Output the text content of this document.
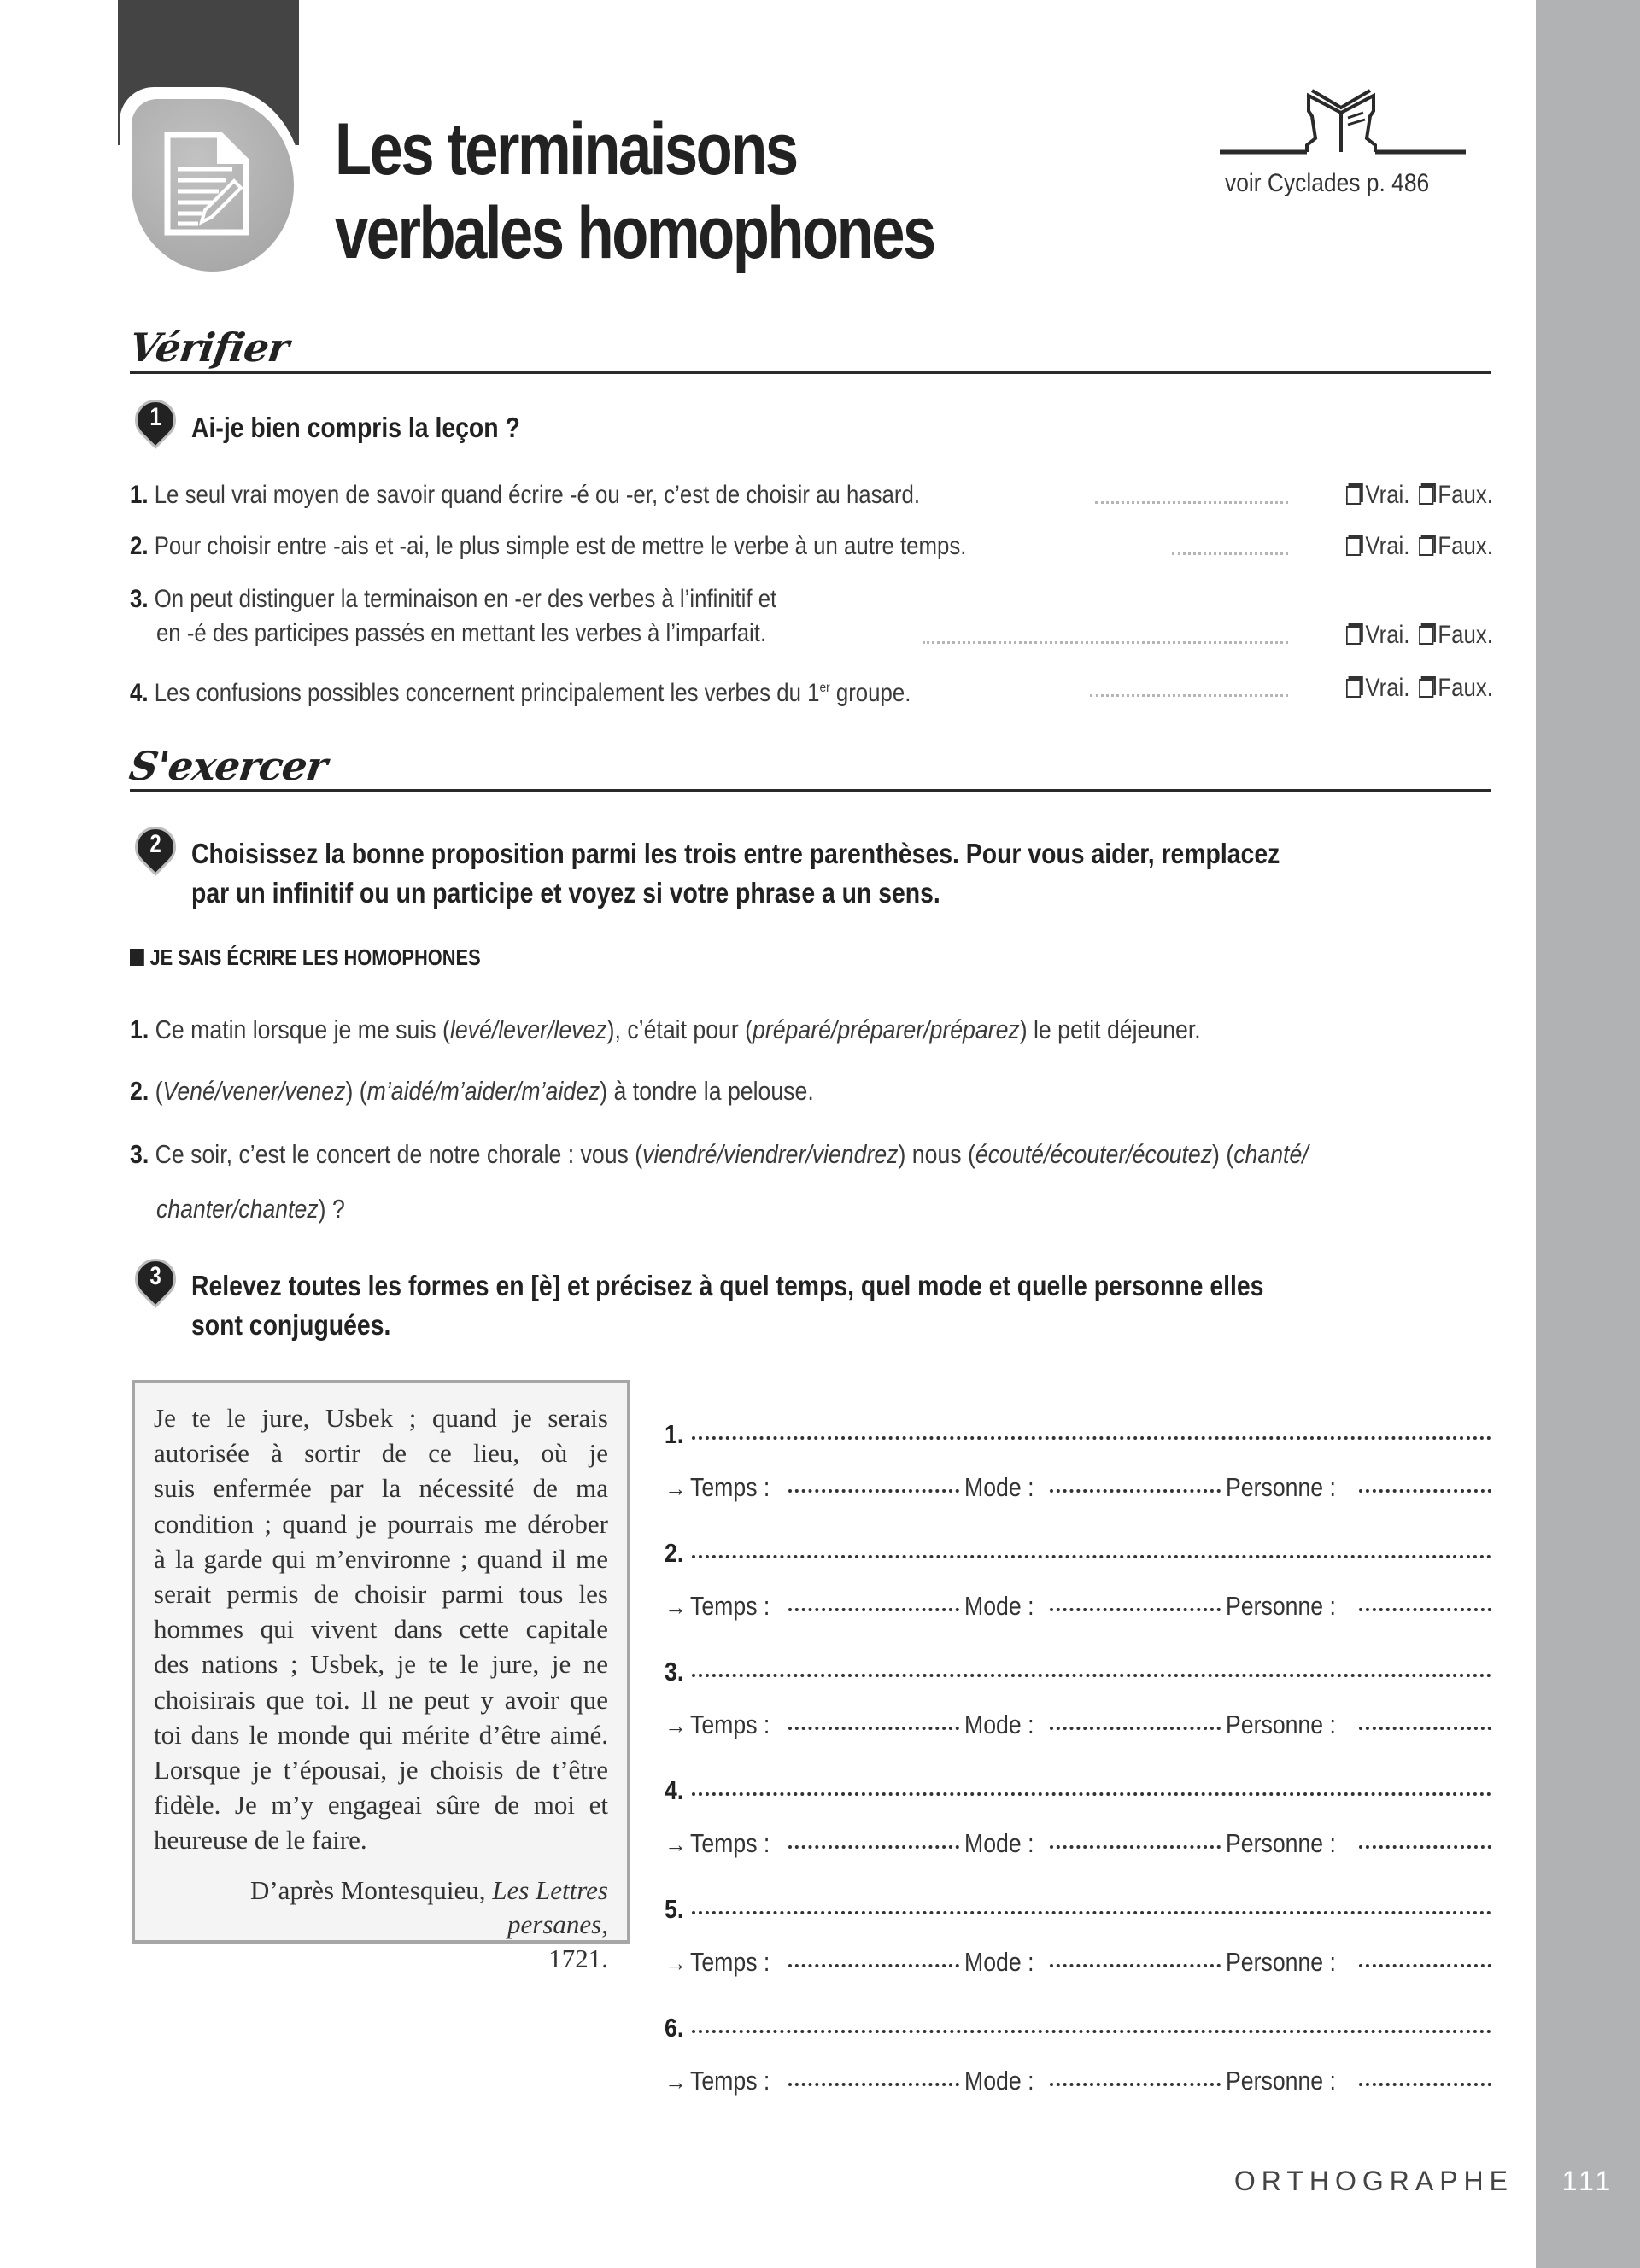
Les terminaisons
verbales homophones
voir Cyclades p. 486
Vérifier
1	Ai-je bien compris la leçon ?
1. Le seul vrai moyen de savoir quand écrire -é ou -er, c’est de choisir au hasard.	Vrai. Faux.
2. Pour choisir entre -ais et -ai, le plus simple est de mettre le verbe à un autre temps.	Vrai. Faux.
3. On peut distinguer la terminaison en -er des verbes à l’infinitif et
en -é des participes passés en mettant les verbes à l’imparfait.	Vrai. Faux.
4. Les confusions possibles concernent principalement les verbes du 1er groupe.	Vrai. Faux.
S'exercer
2	Choisissez la bonne proposition parmi les trois entre parenthèses. Pour vous aider, remplacez
par un infinitif ou un participe et voyez si votre phrase a un sens.
JE SAIS ÉCRIRE LES HOMOPHONES
1. Ce matin lorsque je me suis (levé/lever/levez), c’était pour (préparé/préparer/préparez) le petit déjeuner.
2. (Vené/vener/venez) (m’aidé/m’aider/m’aidez) à tondre la pelouse.
3. Ce soir, c’est le concert de notre chorale : vous (viendré/viendrer/viendrez) nous (écouté/écouter/écoutez) (chanté/
chanter/chantez) ?
3	Relevez toutes les formes en [è] et précisez à quel temps, quel mode et quelle personne elles
sont conjuguées.

Je te le jure, Usbek ; quand je serais

autorisée à sortir de ce lieu, où je

suis enfermée par la nécessité de ma

condition ; quand je pourrais me dérober

à la garde qui m’environne ; quand il me

serait permis de choisir parmi tous les

hommes qui vivent dans cette capitale

des nations ; Usbek, je te le jure, je ne

choisirais que toi. Il ne peut y avoir que

toi dans le monde qui mérite d’être aimé.

Lorsque je t’épousai, je choisis de t’être

fidèle. Je m’y engageai sûre de moi et

heureuse de le faire.

D’après Montesquieu, Les Lettres persanes,
1721.
1.
→ Temps :	Mode :	Personne :
2.
→ Temps :	Mode :	Personne :
3.
→ Temps :	Mode :	Personne :
4.
→ Temps :	Mode :	Personne :
5.
→ Temps :	Mode :	Personne :
6.
→ Temps :	Mode :	Personne :
ORTHOGRAPHE	111
